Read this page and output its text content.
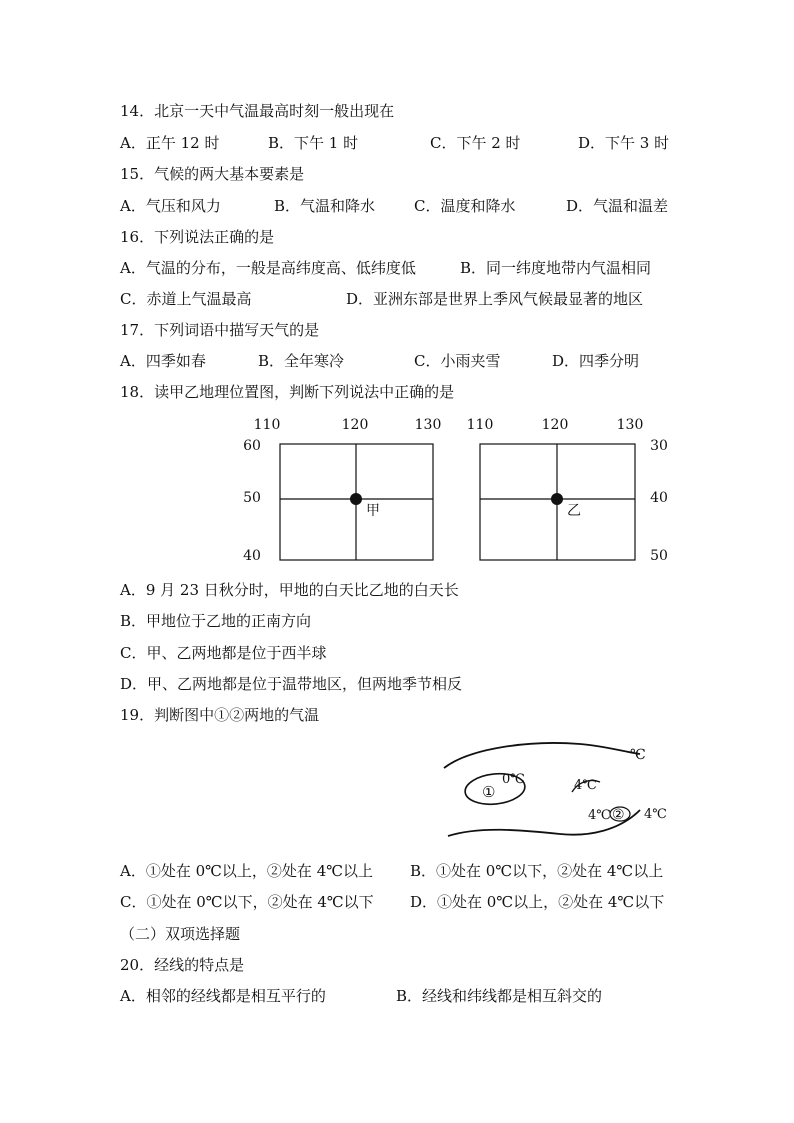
14．北京一天中气温最高时刻一般出现在
A．正午 12 时	B．下午 1 时	C．下午 2 时	D．下午 3 时
15．气候的两大基本要素是
A．气压和风力	B．气温和降水	C．温度和降水	D．气温和温差
16．下列说法正确的是
A．气温的分布，一般是高纬度高、低纬度低	B．同一纬度地带内气温相同
C．赤道上气温最高	D．亚洲东部是世界上季风气候最显著的地区
17．下列词语中描写天气的是
A．四季如春	B．全年寒冷	C．小雨夹雪	D．四季分明
18．读甲乙地理位置图，判断下列说法中正确的是
110	120	130
60
50
40
甲
110	120	130
30
40
50
乙
A．9 月 23 日秋分时，甲地的白天比乙地的白天长
B．甲地位于乙地的正南方向
C．甲、乙两地都是位于西半球
D．甲、乙两地都是位于温带地区，但两地季节相反
19．判断图中①②两地的气温
℃
0℃
①	4℃
4℃ ② 4℃
A．①处在 0℃以上，②处在 4℃以上 B．①处在 0℃以下，②处在 4℃以上
C．①处在 0℃以下，②处在 4℃以下 D．①处在 0℃以上，②处在 4℃以下
（二）双项选择题
20．经线的特点是
A．相邻的经线都是相互平行的	B．经线和纬线都是相互斜交的
